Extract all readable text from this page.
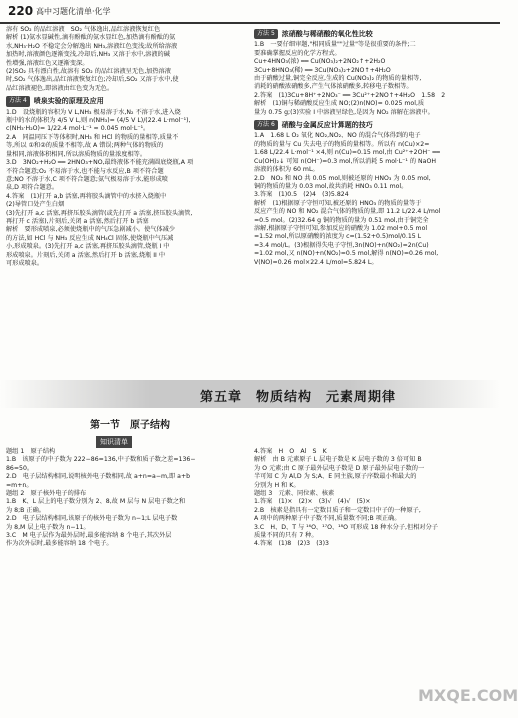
220 高中习题化清单·化学

溶有 SO₂ 的品红溶液　SO₂ 气体逸出,品红溶液恢复红色

解析 (1)氨水显碱性,滴有酚酞的氨水显红色,加热滴有酚酞的氨

水,NH₃·H₂O 不稳定会分解逸出 NH₃,溶液红色变浅;故所给溶液

加热时,溶液颜色逐渐变浅,冷却后,NH₃ 又溶于水中,溶液的碱

性增强,溶液红色又逐渐变深。

(2)SO₂ 具有漂白性,故溶有 SO₂ 的品红溶液呈无色,加热溶液

时,SO₂ 气体逸出,品红溶液恢复红色;冷却后,SO₂ 又溶于水中,使

品红溶液褪色,即溶液由红色变为无色。

方法 4	喷泉实验的原理及应用

1.D　设烧瓶的容积为 V L,NH₃ 极易溶于水,N₂ 不溶于水,进入烧

瓶中的水的体积为 4/5 V L,则 n(NH₃)= (4/5 V L)/(22.4 L·mol⁻¹),

c(NH₃·H₂O)= 1/22.4 mol·L⁻¹ ≈ 0.045 mol·L⁻¹。

2.A　同温同压下等体积时,NH₃ 和 HCl 的物质的量相等,质量不

等,所以 ①和②的质量不相等,故 A 错误;两种气体的物质的

量相同,溶液体积相同,所以溶质物质的量浓度相等。

3.D　3NO₂+H₂O ══ 2HNO₃+NO,最终液体不能充满圆底烧瓶,A 项

不符合题意;O₂ 不易溶于水,也不能与水反应,B 项不符合题

意;NO 不溶于水,C 项不符合题意;氨气极易溶于水,能形成喷

泉,D 项符合题意。

4.答案　(1)打开 a,b 活塞,再将胶头滴管中的水挤入烧瓶中

(2)导管口处产生白烟

(3)先打开 a,c 活塞,再挤压胶头滴管(或先打开 a 活塞,挤压胶头滴管,

再打开 c 活塞),片刻后,关闭 a 活塞,然后打开 b 活塞

解析　要形成喷泉,必须使烧瓶中的气压急剧减小。使气体减少

的方法,如 HCl 与 NH₃ 反应生成 NH₄Cl 固体,使烧瓶中气压减

小,形成喷泉。(3)先打开 a,c 活塞,再挤压胶头滴管,烧瓶 I 中

形成喷泉。片刻后,关闭 a 活塞,然后打开 b 活塞,烧瓶 II 中

可形成喷泉。

方法 5	浓硝酸与稀硝酸的氧化性比较

1.B　一要仔细审题,"相同质量""过量"等是很重要的条件;二

要准确掌握反应的化学方程式。

Cu+4HNO₃(浓) ══ Cu(NO₃)₂+2NO₂↑+2H₂O

3Cu+8HNO₃(稀) ══ 3Cu(NO₃)₂+2NO↑+4H₂O

由于硝酸过量,铜完全反应,生成的 Cu(NO₃)₂ 的物质的量相等,

消耗的硝酸浓硝酸多,产生气体浓硝酸多,转移电子数相等。

2.答案　(1)3Cu+8H⁺+2NO₃⁻ ══ 3Cu²⁺+2NO↑+4H₂O　1.58　2

解析　(1)铜与稀硝酸反应生成 NO;(2)n(NO)= 0.025 mol,质

量为 0.75 g;(3)实验 I 中溶液呈绿色,是因为 NO₂ 溶解在溶液中。

方法 6	硝酸与金属反应计算题的技巧

1.A　1.68 L O₂ 氧化 NO₂,NO₂、NO 的混合气体得到的电子

的物质的量与 Cu 失去电子的物质的量相等。所以有 n(Cu)×2=

1.68 L/22.4 L·mol⁻¹ ×4,则 n(Cu)=0.15 mol,由 Cu²⁺+2OH⁻ ══

Cu(OH)₂↓ 可知 n(OH⁻)=0.3 mol,所以消耗 5 mol·L⁻¹ 的 NaOH

溶液的体积为 60 mL。

2.D　NO₂ 和 NO 共 0.05 mol,则被还原的 HNO₃ 为 0.05 mol,

铜的物质的量为 0.03 mol,故共消耗 HNO₃ 0.11 mol。

3.答案　(1)0.5　(2)4　(3)5.824

解析　(1)根据原子守恒可知,被还原的 HNO₃ 的物质的量等于

反应产生的 NO 和 NO₂ 混合气体的物质的量,即 11.2 L/22.4 L/mol

=0.5 mol。(2)32.64 g 铜的物质的量为 0.51 mol,由于铜完全

溶解,根据原子守恒可知,参加反应的硝酸为 1.02 mol+0.5 mol

=1.52 mol,所以原硝酸的浓度为 c=(1.52+0.5)mol/0.15 L

=3.4 mol/L。(3)根据得失电子守恒,3n(NO)+n(NO₂)=2n(Cu)

=1.02 mol,又 n(NO)+n(NO₂)=0.5 mol,解得 n(NO)=0.26 mol,

V(NO)=0.26 mol×22.4 L/mol=5.824 L。

第五章　物质结构　元素周期律
第一节　原子结构
知识清单

题组 1　原子结构

1.B　该原子的中子数为 222−86=136,中子数和质子数之差=136−

86=50。

2.D　电子层结构相同,说明核外电子数相同,故 a+n=a−m,即 a+b

=m+n。

题组 2　原子核外电子的排布

1.B　K、L 层上的电子数分别为 2、8,故 M 层与 N 层电子数之和

为 8;B 正确。

2.D　电子层结构相同,该原子的核外电子数为 n−1;L 层电子数

为 8,M 层上电子数为 n−11。

3.C　M 电子层作为最外层时,最多能容纳 8 个电子,其次外层

作为次外层时,最多能容纳 18 个电子。

4.答案　H　O　Al　S　K

解析　由 B 元素原子 L 层电子数是 K 层电子数的 3 倍可知 B

为 O 元素;由 C 原子最外层电子数是 D 原子最外层电子数的一

半可知 C 为 Al,D 为 S;A、E 同主族,原子序数最小和最大的

分别为 H 和 K。

题组 3　元素、同位素、核素

1.答案　(1)×　(2)×　(3)√　(4)√　(5)×

2.B　核素是指具有一定数目质子和一定数目中子的一种原子,

A 项中的两种原子中子数不同,质量数不同;B 项正确。

3.C　H、D、T 与 ¹⁶O、¹⁷O、¹⁸O 可形成 18 种水分子,但相对分子

质量不同的只有 7 种。

4.答案　(1)8　(2)3　(3)3

MXQE.COM
